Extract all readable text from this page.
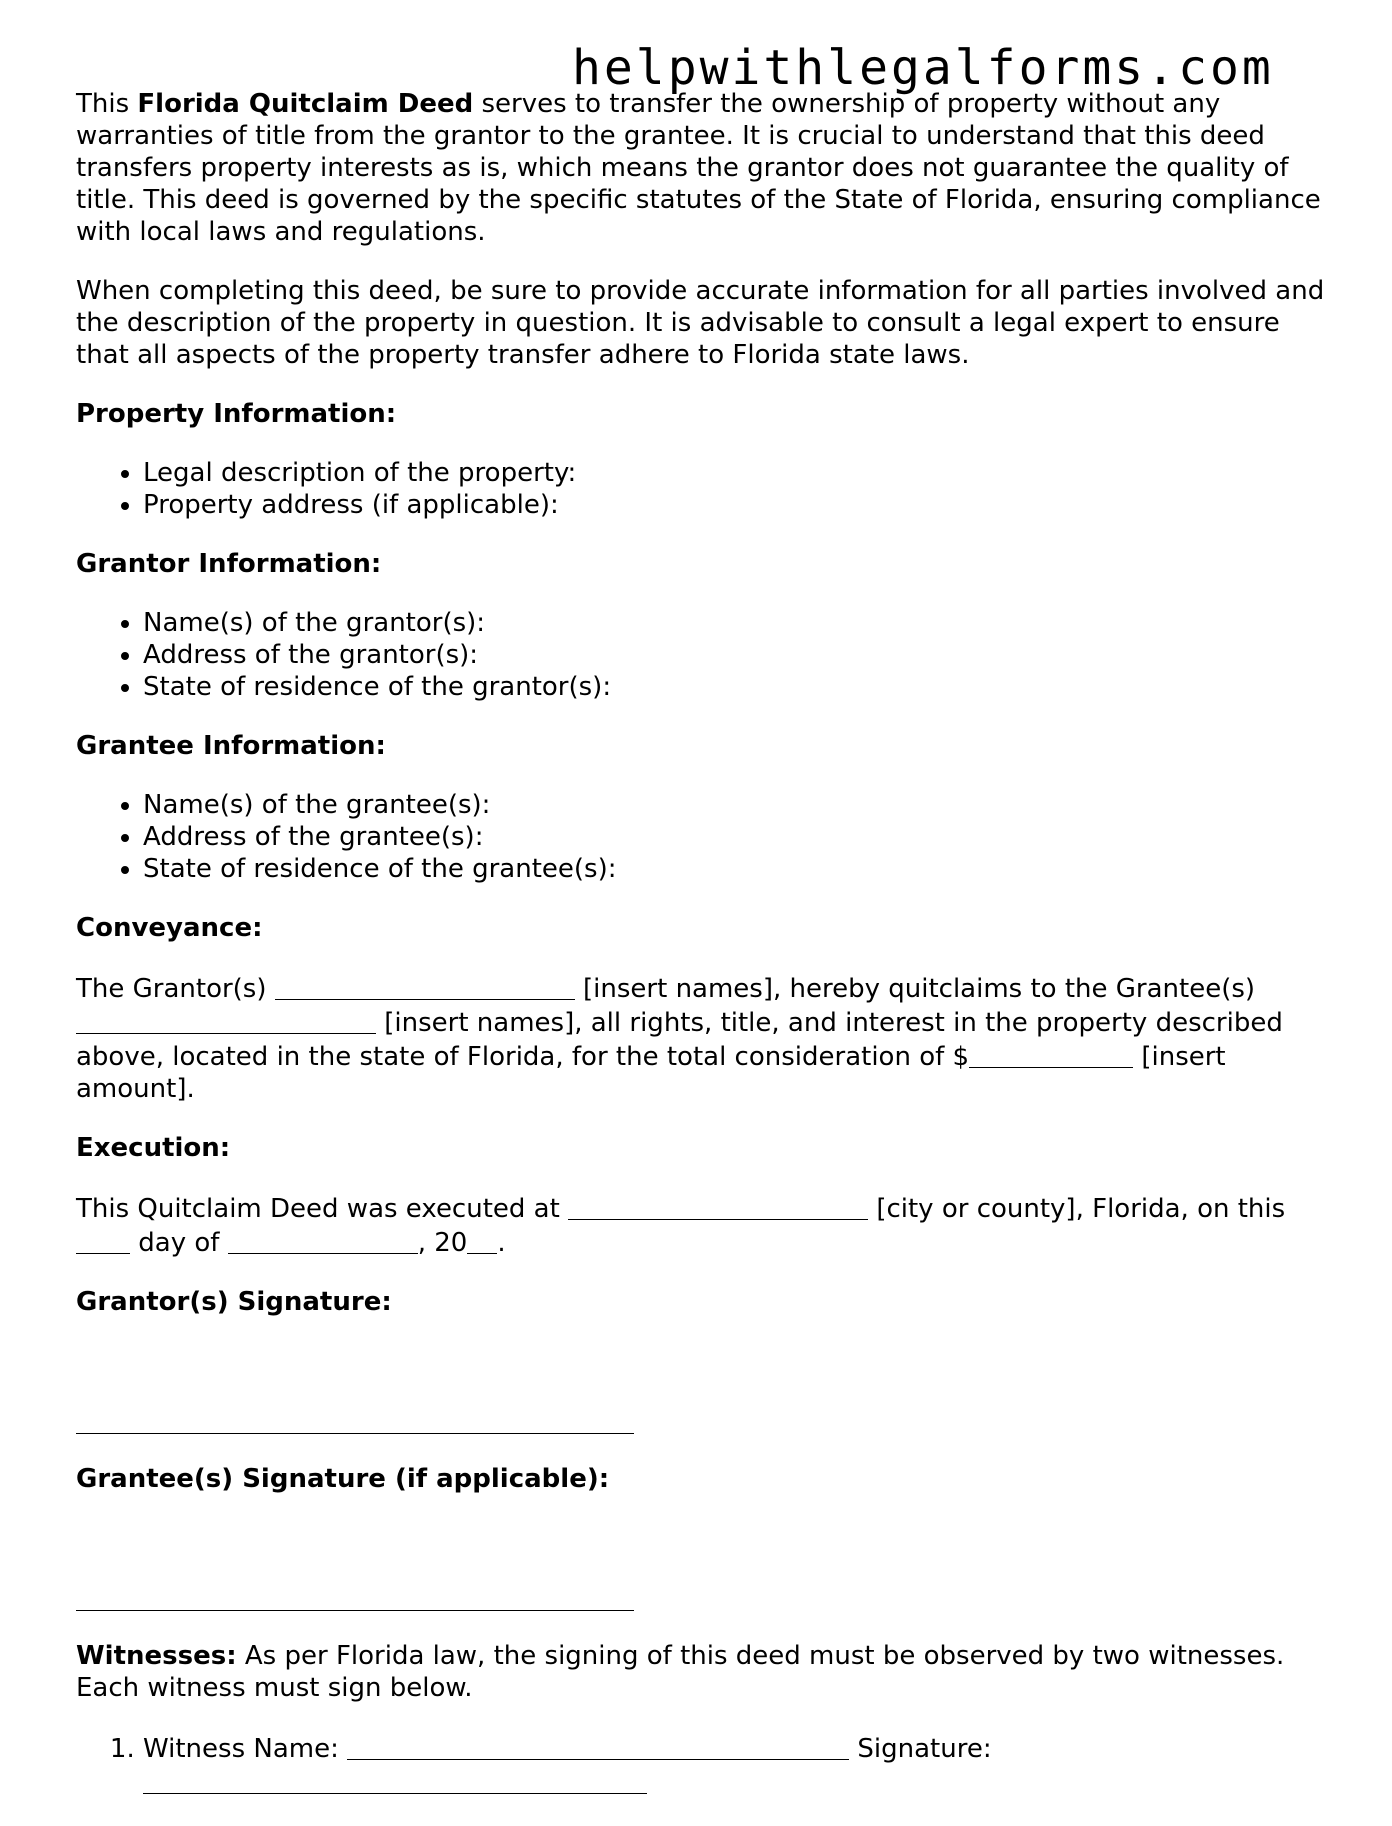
helpwithlegalforms.com

This Florida Quitclaim Deed serves to transfer the ownership of property without any warranties of title from the grantor to the grantee. It is crucial to understand that this deed transfers property interests as is, which means the grantor does not guarantee the quality of title. This deed is governed by the specific statutes of the State of Florida, ensuring compliance with local laws and regulations.

When completing this deed, be sure to provide accurate information for all parties involved and the description of the property in question. It is advisable to consult a legal expert to ensure that all aspects of the property transfer adhere to Florida state laws.

Property Information:
• Legal description of the property:
• Property address (if applicable):
Grantor Information:
• Name(s) of the grantor(s):
• Address of the grantor(s):
• State of residence of the grantor(s):
Grantee Information:
• Name(s) of the grantee(s):
• Address of the grantee(s):
• State of residence of the grantee(s):
Conveyance:

The Grantor(s)	[insert names], hereby quitclaims to the Grantee(s)  [insert names], all rights, title, and interest in the property described above, located in the state of Florida, for the total consideration of $	[insert amount].

Execution:

This Quitclaim Deed was executed at	[city or county], Florida, on this  day of	, 20 .

Grantor(s) Signature:
Grantee(s) Signature (if applicable):

Witnesses: As per Florida law, the signing of this deed must be observed by two witnesses. Each witness must sign below.

1. Witness Name:	Signature:
